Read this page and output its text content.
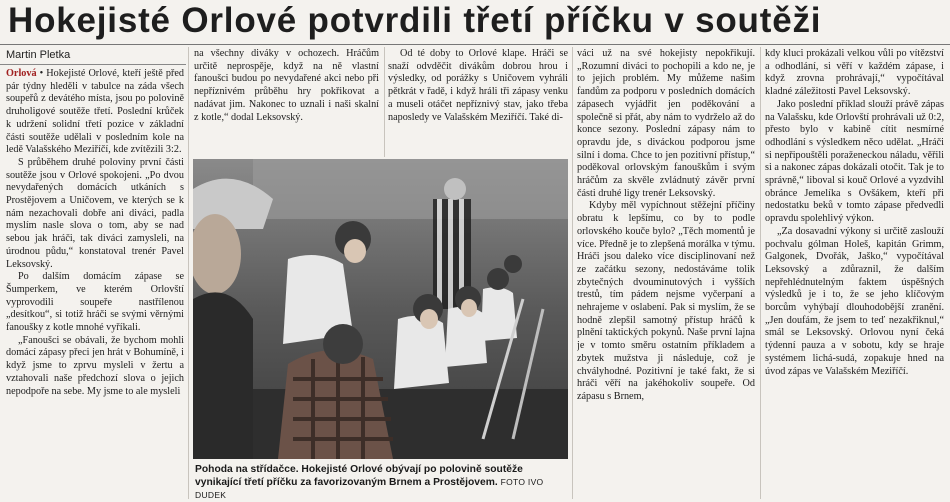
Hokejisté Orlové potvrdili třetí příčku v soutěži
Martin Pletka

Orlová • Hokejisté Orlové, kteří ještě před pár týdny hleděli v tabulce na záda všech soupeřů z devátého místa, jsou po polovině druholigové soutěže třetí. Poslední krůček k udržení solidní třetí pozice v základní části soutěže udělali v posledním kole na ledě Valašského Meziříčí, kde zvítězili 3:2.

S průběhem druhé poloviny první části soutěže jsou v Orlové spokojeni. „Po dvou nevydařených domácích utkáních s Prostějovem a Uničovem, ve kterých se k nám nezachovali dobře ani diváci, padla myslím nasle slova o tom, aby se nad sebou jak hráči, tak diváci zamysleli, na úrodnou půdu,“ konstatoval trenér Pavel Leksovský.

Po dalším domácím zápase se Šumperkem, ve kterém Orlovští vyprovodili soupeře nastřílenou „desítkou“, si totiž hráči se svými věrnými fanoušky z kotle mnohé vyříkali.

„Fanoušci se obávali, že bychom mohli domácí zápasy přeci jen hrát v Bohumíně, i když jsme to zprvu mysleli v žertu a vztahovali naše předchozí slova o jejich nepodpoře na sebe. My jsme to ale mysleli

na všechny diváky v ochozech. Hráčům určitě neprospěje, když na ně vlastní fanoušci budou po nevydařené akci nebo při nepříznivém průběhu hry pokřikovat a nadávat jim. Nakonec to uznali i naši skalní z kotle,“ dodal Leksovský.

Od té doby to Orlové klape. Hráči se snaží odvděčit divákům dobrou hrou i výsledky, od porážky s Uničovem vyhráli pětkrát v řadě, i když hráli tři zápasy venku a museli otáčet nepříznivý stav, jako třeba naposledy ve Valašském Meziříčí. Také di-

Pohoda na střídačce. Hokejisté Orlové obývají po polovině soutěže vynikající třetí příčku za favorizovaným Brnem a Prostějovem. FOTO IVO DUDEK

váci už na své hokejisty nepokřikují. „Rozumní diváci to pochopili a kdo ne, je to jejich problém. My můžeme našim fandům za podporu v posledních domácích zápasech vyjádřit jen poděkování a společně si přát, aby nám to vydrželo až do konce sezony. Poslední zápasy nám to opravdu jde, s diváckou podporou jsme silní i doma. Chce to jen pozitivní přístup,“ poděkoval orlovským fanouškům i svým hráčům za skvěle zvládnutý závěr první části druhé ligy trenér Leksovský.

Kdyby měl vypíchnout stěžejní příčiny obratu k lepšímu, co by to podle orlovského kouče bylo? „Těch momentů je více. Předně je to zlepšená morálka v týmu. Hráči jsou daleko více disciplinovaní než ze začátku sezony, nedostáváme tolik zbytečných dvouminutových i vyšších trestů, tím pádem nejsme vyčerpaní a nehrajeme v oslabení. Pak si myslím, že se hodně zlepšil samotný přístup hráčů k plnění taktických pokynů. Naše první lajna je v tomto směru ostatním příkladem a zbytek mužstva ji následuje, což je chvályhodné. Pozitivní je také fakt, že si hráči věří na jakéhokoliv soupeře. Od zápasu s Brnem,

kdy kluci prokázali velkou vůli po vítězství a odhodlání, si věří v každém zápase, i když zrovna prohrávají,“ vypočítával kladné záležitosti Pavel Leksovský.

Jako poslední příklad slouží právě zápas na Valašsku, kde Orlovští prohrávali už 0:2, přesto bylo v kabině cítit nesmírné odhodlání s výsledkem něco udělat. „Hráči si nepřipouštěli poraženeckou náladu, věřili si a nakonec zápas dokázali otočit. Tak je to správně,“ liboval si kouč Orlové a vyzdvihl obránce Jemelíka s Ovšákem, kteří při nedostatku beků v tomto zápase předvedli opravdu spolehlivý výkon.

„Za dosavadní výkony si určitě zaslouží pochvalu gólman Holeš, kapitán Grimm, Galgonek, Dvořák, Jaško,“ vypočítával Leksovský a zdůraznil, že dalším nepřehlédnutelným faktem úspěšných výsledků je i to, že se jeho klíčovým borcům vyhýbají dlouhodobější zranění. „Jen doufám, že jsem to teď nezakřiknul,“ smál se Leksovský. Orlovou nyní čeká týdenní pauza a v sobotu, kdy se hraje systémem lichá-sudá, zopakuje hned na úvod zápas ve Valašském Meziříčí.
